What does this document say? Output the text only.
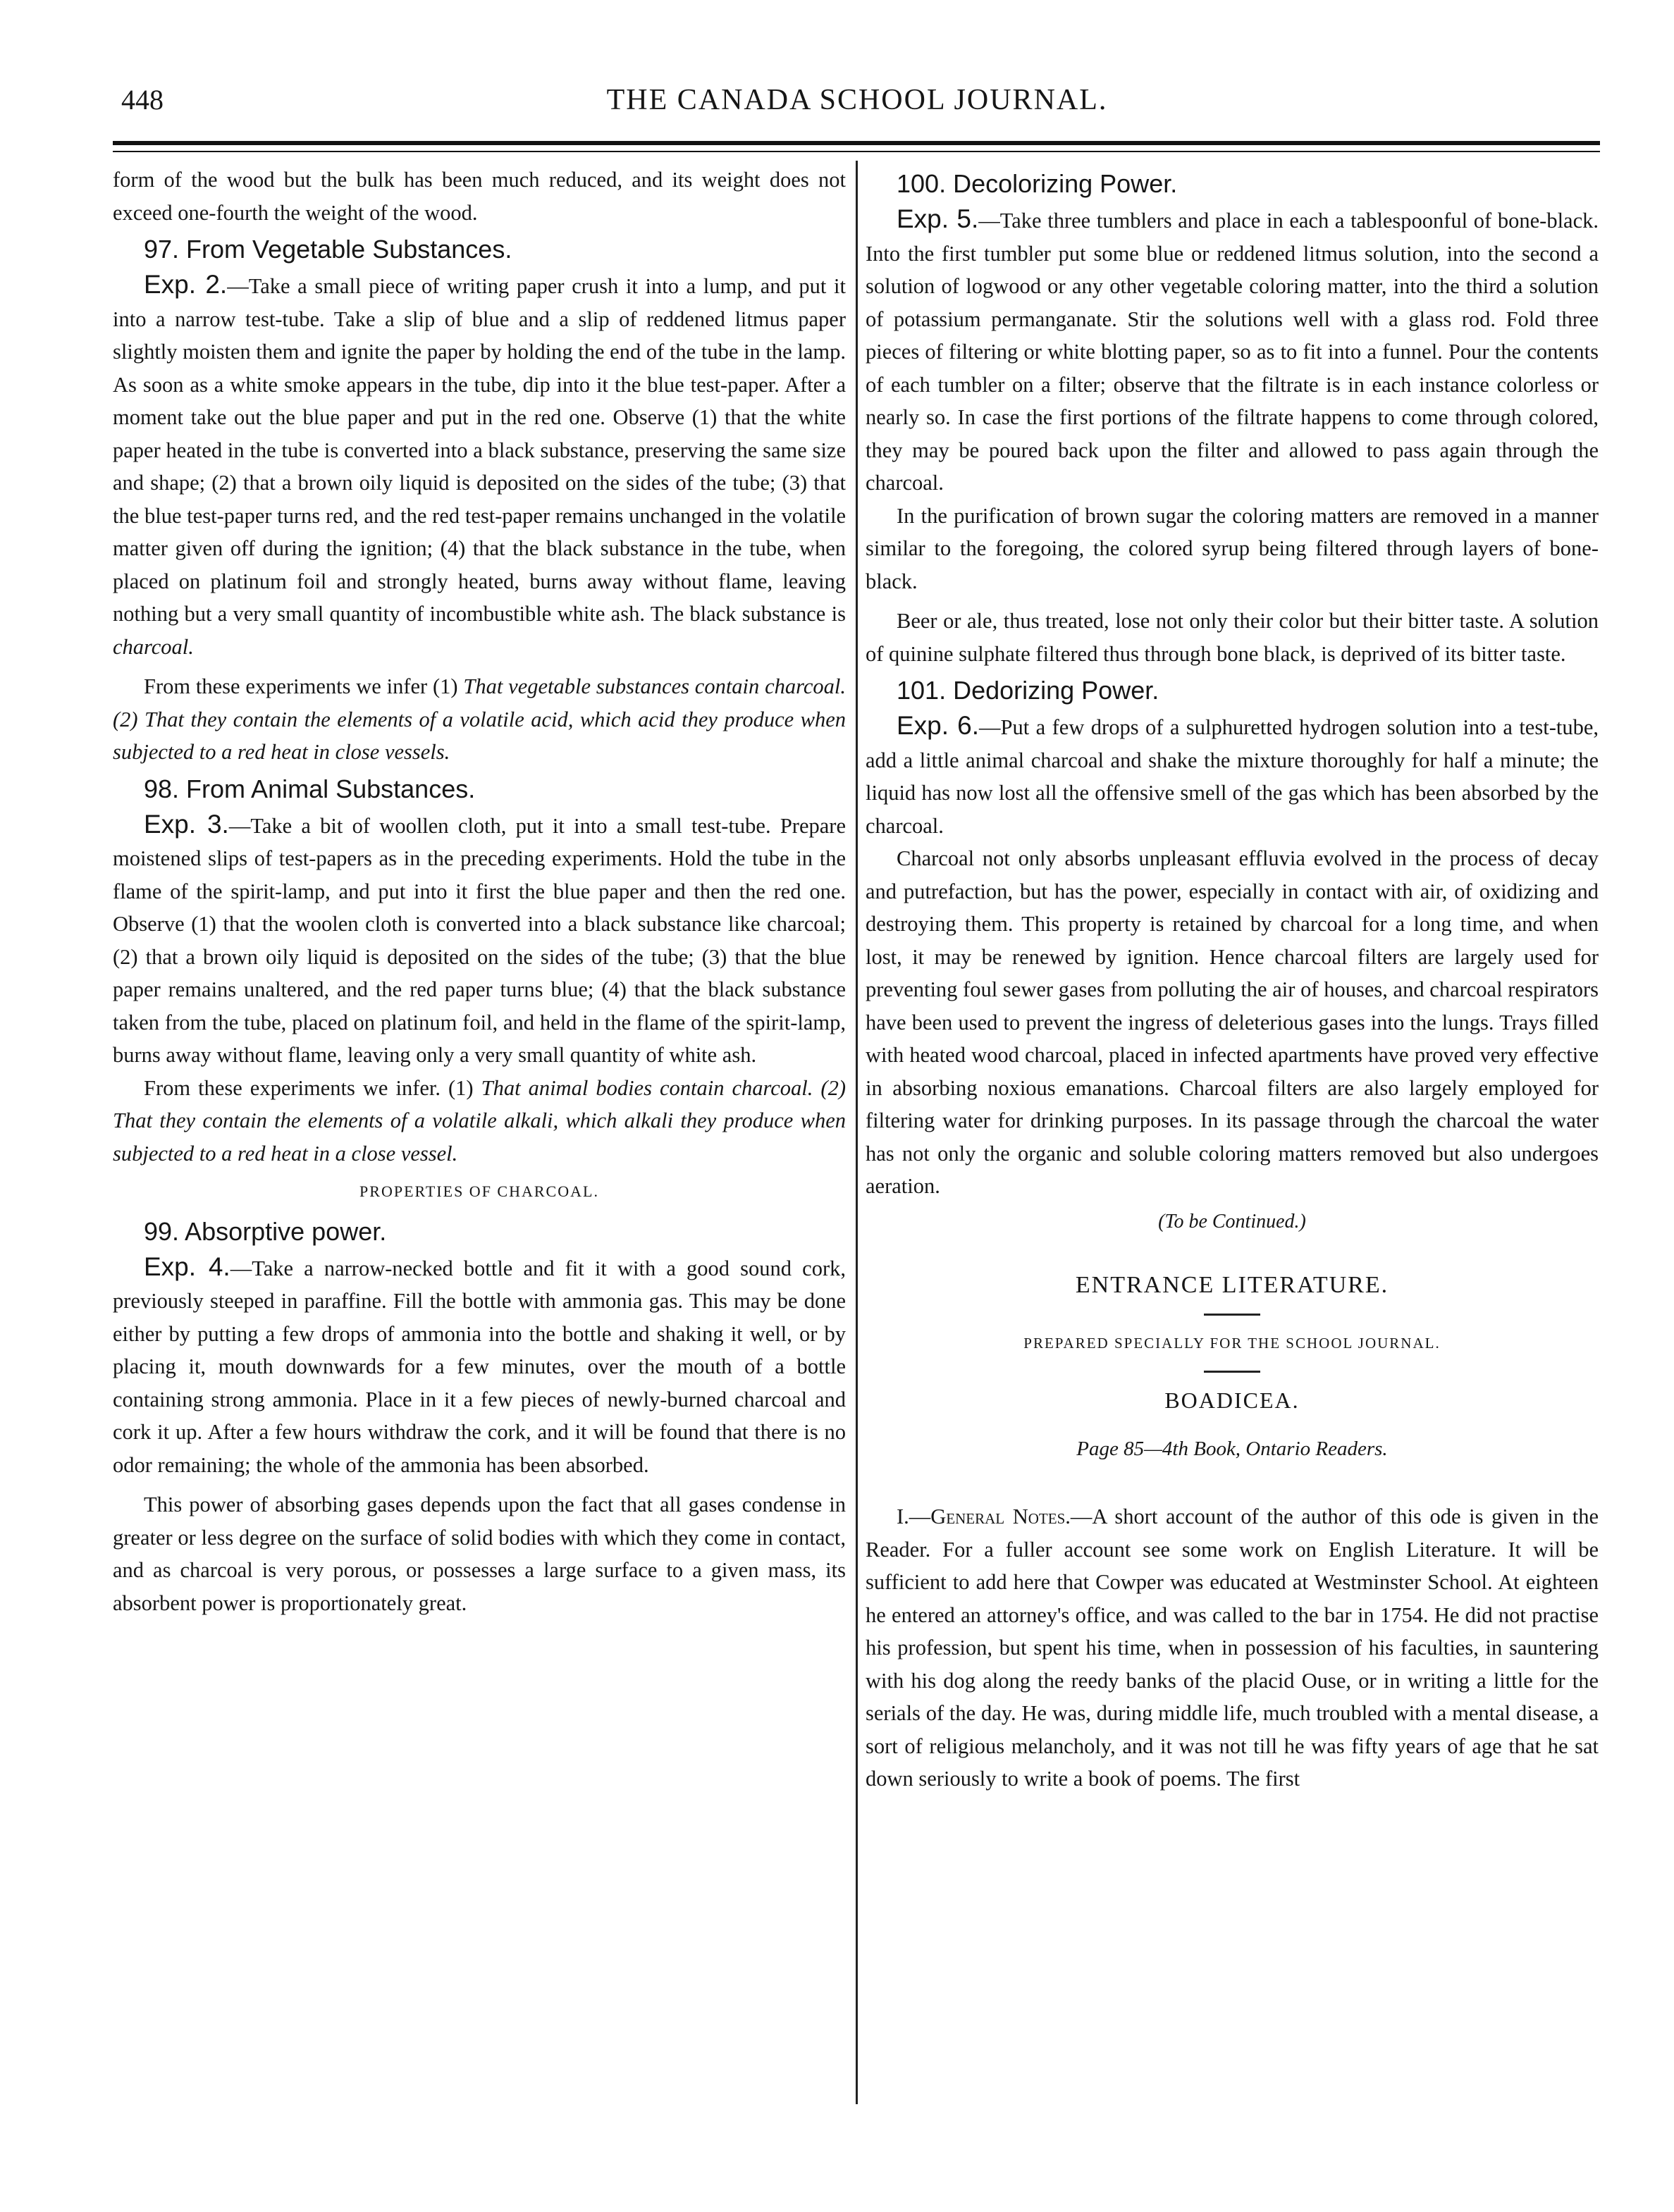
448	THE CANADA SCHOOL JOURNAL.

form of the wood but the bulk has been much reduced, and its weight does not exceed one-fourth the weight of the wood.

97. From Vegetable Substances.

Exp. 2.—Take a small piece of writing paper crush it into a lump, and put it into a narrow test-tube. Take a slip of blue and a slip of reddened litmus paper slightly moisten them and ignite the paper by holding the end of the tube in the lamp. As soon as a white smoke appears in the tube, dip into it the blue test-paper. After a moment take out the blue paper and put in the red one. Observe (1) that the white paper heated in the tube is converted into a black substance, preserving the same size and shape; (2) that a brown oily liquid is deposited on the sides of the tube; (3) that the blue test-paper turns red, and the red test-paper remains unchanged in the volatile matter given off during the ignition; (4) that the black substance in the tube, when placed on platinum foil and strongly heated, burns away without flame, leaving nothing but a very small quantity of incombustible white ash. The black substance is charcoal.

From these experiments we infer (1) That vegetable substances contain charcoal. (2) That they contain the elements of a volatile acid, which acid they produce when subjected to a red heat in close vessels.

98. From Animal Substances.

Exp. 3.—Take a bit of woollen cloth, put it into a small test-tube. Prepare moistened slips of test-papers as in the preceding experiments. Hold the tube in the flame of the spirit-lamp, and put into it first the blue paper and then the red one. Observe (1) that the woolen cloth is converted into a black substance like charcoal; (2) that a brown oily liquid is deposited on the sides of the tube; (3) that the blue paper remains unaltered, and the red paper turns blue; (4) that the black substance taken from the tube, placed on platinum foil, and held in the flame of the spirit-lamp, burns away without flame, leaving only a very small quantity of white ash.

From these experiments we infer. (1) That animal bodies contain charcoal. (2) That they contain the elements of a volatile alkali, which alkali they produce when subjected to a red heat in a close vessel.

PROPERTIES OF CHARCOAL.
99. Absorptive power.

Exp. 4.—Take a narrow-necked bottle and fit it with a good sound cork, previously steeped in paraffine. Fill the bottle with ammonia gas. This may be done either by putting a few drops of ammonia into the bottle and shaking it well, or by placing it, mouth downwards for a few minutes, over the mouth of a bottle containing strong ammonia. Place in it a few pieces of newly-burned charcoal and cork it up. After a few hours withdraw the cork, and it will be found that there is no odor remaining; the whole of the ammonia has been absorbed.

This power of absorbing gases depends upon the fact that all gases condense in greater or less degree on the surface of solid bodies with which they come in contact, and as charcoal is very porous, or possesses a large surface to a given mass, its absorbent power is proportionately great.

100. Decolorizing Power.

Exp. 5.—Take three tumblers and place in each a tablespoonful of bone-black. Into the first tumbler put some blue or reddened litmus solution, into the second a solution of logwood or any other vegetable coloring matter, into the third a solution of potassium permanganate. Stir the solutions well with a glass rod. Fold three pieces of filtering or white blotting paper, so as to fit into a funnel. Pour the contents of each tumbler on a filter; observe that the filtrate is in each instance colorless or nearly so. In case the first portions of the filtrate happens to come through colored, they may be poured back upon the filter and allowed to pass again through the charcoal.

In the purification of brown sugar the coloring matters are removed in a manner similar to the foregoing, the colored syrup being filtered through layers of bone-black.

Beer or ale, thus treated, lose not only their color but their bitter taste. A solution of quinine sulphate filtered thus through bone black, is deprived of its bitter taste.

101. Dedorizing Power.

Exp. 6.—Put a few drops of a sulphuretted hydrogen solution into a test-tube, add a little animal charcoal and shake the mixture thoroughly for half a minute; the liquid has now lost all the offensive smell of the gas which has been absorbed by the charcoal.

Charcoal not only absorbs unpleasant effluvia evolved in the process of decay and putrefaction, but has the power, especially in contact with air, of oxidizing and destroying them. This property is retained by charcoal for a long time, and when lost, it may be renewed by ignition. Hence charcoal filters are largely used for preventing foul sewer gases from polluting the air of houses, and charcoal respirators have been used to prevent the ingress of deleterious gases into the lungs. Trays filled with heated wood charcoal, placed in infected apartments have proved very effective in absorbing noxious emanations. Charcoal filters are also largely employed for filtering water for drinking purposes. In its passage through the charcoal the water has not only the organic and soluble coloring matters removed but also undergoes aeration.

(To be Continued.)
ENTRANCE LITERATURE.
PREPARED SPECIALLY FOR THE SCHOOL JOURNAL.
BOADICEA.
Page 85—4th Book, Ontario Readers.

I.—General Notes.—A short account of the author of this ode is given in the Reader. For a fuller account see some work on English Literature. It will be sufficient to add here that Cowper was educated at Westminster School. At eighteen he entered an attorney's office, and was called to the bar in 1754. He did not practise his profession, but spent his time, when in possession of his faculties, in sauntering with his dog along the reedy banks of the placid Ouse, or in writing a little for the serials of the day. He was, during middle life, much troubled with a mental disease, a sort of religious melancholy, and it was not till he was fifty years of age that he sat down seriously to write a book of poems. The first
